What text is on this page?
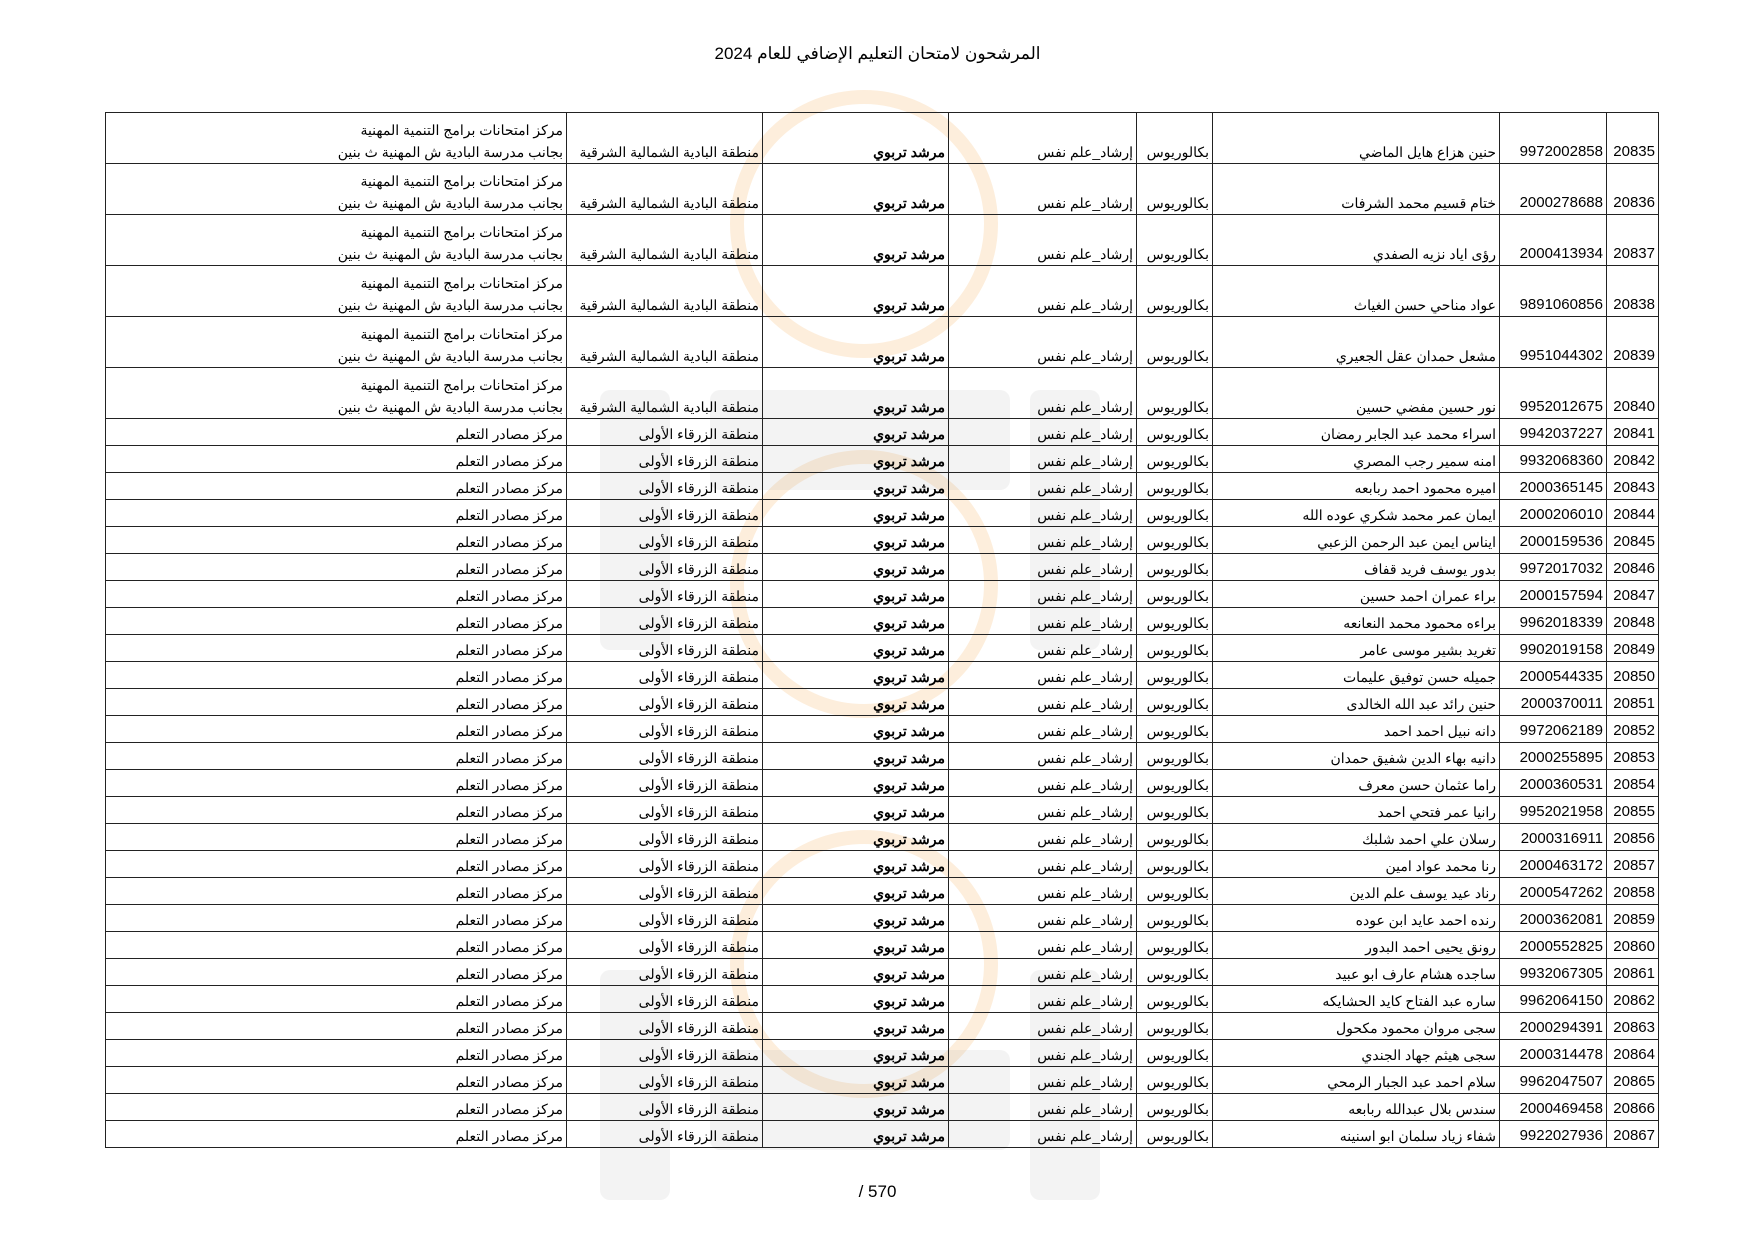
المرشحون لامتحان التعليم الإضافي للعام 2024
20835	9972002858	حنين هزاع هايل الماضي	بكالوريوس	إرشاد_علم نفس	مرشد تربوي	منطقة البادية الشمالية الشرقية	مركز امتحانات برامج التنمية المهنية
بجانب مدرسة البادية ش المهنية ث بنين

20836	2000278688	ختام قسيم محمد الشرفات	بكالوريوس	إرشاد_علم نفس	مرشد تربوي	منطقة البادية الشمالية الشرقية	مركز امتحانات برامج التنمية المهنية
بجانب مدرسة البادية ش المهنية ث بنين

20837	2000413934	رؤى اياد نزيه الصفدي	بكالوريوس	إرشاد_علم نفس	مرشد تربوي	منطقة البادية الشمالية الشرقية	مركز امتحانات برامج التنمية المهنية
بجانب مدرسة البادية ش المهنية ث بنين

20838	9891060856	عواد مناحي حسن الغياث	بكالوريوس	إرشاد_علم نفس	مرشد تربوي	منطقة البادية الشمالية الشرقية	مركز امتحانات برامج التنمية المهنية
بجانب مدرسة البادية ش المهنية ث بنين

20839	9951044302	مشعل حمدان عقل الجعيري	بكالوريوس	إرشاد_علم نفس	مرشد تربوي	منطقة البادية الشمالية الشرقية	مركز امتحانات برامج التنمية المهنية
بجانب مدرسة البادية ش المهنية ث بنين

20840	9952012675	نور حسين مفضي حسين	بكالوريوس	إرشاد_علم نفس	مرشد تربوي	منطقة البادية الشمالية الشرقية	مركز امتحانات برامج التنمية المهنية
بجانب مدرسة البادية ش المهنية ث بنين

20841	9942037227	اسراء محمد عبد الجابر رمضان	بكالوريوس	إرشاد_علم نفس	مرشد تربوي	منطقة الزرقاء الأولى	مركز مصادر التعلم

20842	9932068360	امنه سمير رجب المصري	بكالوريوس	إرشاد_علم نفس	مرشد تربوي	منطقة الزرقاء الأولى	مركز مصادر التعلم

20843	2000365145	اميره محمود احمد ربابعه	بكالوريوس	إرشاد_علم نفس	مرشد تربوي	منطقة الزرقاء الأولى	مركز مصادر التعلم

20844	2000206010	ايمان عمر محمد شكري عوده الله	بكالوريوس	إرشاد_علم نفس	مرشد تربوي	منطقة الزرقاء الأولى	مركز مصادر التعلم

20845	2000159536	ايناس ايمن عبد الرحمن الزعبي	بكالوريوس	إرشاد_علم نفس	مرشد تربوي	منطقة الزرقاء الأولى	مركز مصادر التعلم

20846	9972017032	بدور يوسف فريد قفاف	بكالوريوس	إرشاد_علم نفس	مرشد تربوي	منطقة الزرقاء الأولى	مركز مصادر التعلم

20847	2000157594	براء عمران احمد حسين	بكالوريوس	إرشاد_علم نفس	مرشد تربوي	منطقة الزرقاء الأولى	مركز مصادر التعلم

20848	9962018339	براءه محمود محمد النعانعه	بكالوريوس	إرشاد_علم نفس	مرشد تربوي	منطقة الزرقاء الأولى	مركز مصادر التعلم

20849	9902019158	تغريد بشير موسى عامر	بكالوريوس	إرشاد_علم نفس	مرشد تربوي	منطقة الزرقاء الأولى	مركز مصادر التعلم

20850	2000544335	جميله حسن توفيق عليمات	بكالوريوس	إرشاد_علم نفس	مرشد تربوي	منطقة الزرقاء الأولى	مركز مصادر التعلم

20851	2000370011	حنين رائد عبد الله الخالدى	بكالوريوس	إرشاد_علم نفس	مرشد تربوي	منطقة الزرقاء الأولى	مركز مصادر التعلم

20852	9972062189	دانه نبيل احمد احمد	بكالوريوس	إرشاد_علم نفس	مرشد تربوي	منطقة الزرقاء الأولى	مركز مصادر التعلم

20853	2000255895	دانيه بهاء الدين شفيق حمدان	بكالوريوس	إرشاد_علم نفس	مرشد تربوي	منطقة الزرقاء الأولى	مركز مصادر التعلم

20854	2000360531	راما عثمان حسن معرف	بكالوريوس	إرشاد_علم نفس	مرشد تربوي	منطقة الزرقاء الأولى	مركز مصادر التعلم

20855	9952021958	رانيا عمر فتحي احمد	بكالوريوس	إرشاد_علم نفس	مرشد تربوي	منطقة الزرقاء الأولى	مركز مصادر التعلم

20856	2000316911	رسلان علي احمد شلبك	بكالوريوس	إرشاد_علم نفس	مرشد تربوي	منطقة الزرقاء الأولى	مركز مصادر التعلم

20857	2000463172	رنا محمد عواد امين	بكالوريوس	إرشاد_علم نفس	مرشد تربوي	منطقة الزرقاء الأولى	مركز مصادر التعلم

20858	2000547262	رناد عيد يوسف علم الدين	بكالوريوس	إرشاد_علم نفس	مرشد تربوي	منطقة الزرقاء الأولى	مركز مصادر التعلم

20859	2000362081	رنده احمد عايد ابن عوده	بكالوريوس	إرشاد_علم نفس	مرشد تربوي	منطقة الزرقاء الأولى	مركز مصادر التعلم

20860	2000552825	رونق يحيى احمد البدور	بكالوريوس	إرشاد_علم نفس	مرشد تربوي	منطقة الزرقاء الأولى	مركز مصادر التعلم

20861	9932067305	ساجده هشام عارف ابو عبيد	بكالوريوس	إرشاد_علم نفس	مرشد تربوي	منطقة الزرقاء الأولى	مركز مصادر التعلم

20862	9962064150	ساره عبد الفتاح كايد الحشايكه	بكالوريوس	إرشاد_علم نفس	مرشد تربوي	منطقة الزرقاء الأولى	مركز مصادر التعلم

20863	2000294391	سجى مروان محمود مكحول	بكالوريوس	إرشاد_علم نفس	مرشد تربوي	منطقة الزرقاء الأولى	مركز مصادر التعلم

20864	2000314478	سجى هيثم جهاد الجندي	بكالوريوس	إرشاد_علم نفس	مرشد تربوي	منطقة الزرقاء الأولى	مركز مصادر التعلم

20865	9962047507	سلام احمد عبد الجبار الرمحي	بكالوريوس	إرشاد_علم نفس	مرشد تربوي	منطقة الزرقاء الأولى	مركز مصادر التعلم

20866	2000469458	سندس بلال عبدالله ربابعه	بكالوريوس	إرشاد_علم نفس	مرشد تربوي	منطقة الزرقاء الأولى	مركز مصادر التعلم

20867	9922027936	شفاء زياد سلمان ابو اسنينه	بكالوريوس	إرشاد_علم نفس	مرشد تربوي	منطقة الزرقاء الأولى	مركز مصادر التعلم
570 /
